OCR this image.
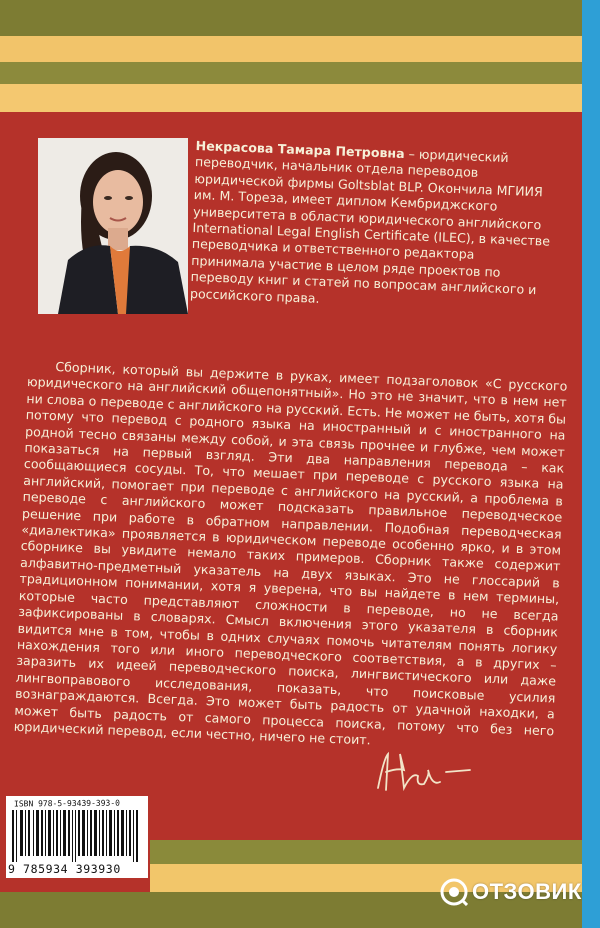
Некрасова Тамара Петровна – юридический переводчик, начальник отдела переводов юридической фирмы Goltsblat BLP. Окончила МГИИЯ им. М. Тореза, имеет диплом Кембриджского университета в области юридического английского International Legal English Certificate (ILEC), в качестве переводчика и ответственного редактора принимала участие в целом ряде проектов по переводу книг и статей по вопросам английского и российского права.
Сборник, который вы держите в руках, имеет подзаголовок «С русского юридического на английский общепонятный». Но это не значит, что в нем нет ни слова о переводе с английского на русский. Есть. Не может не быть, хотя бы потому что перевод с родного языка на иностранный и с иностранного на родной тесно связаны между собой, и эта связь прочнее и глубже, чем может показаться на первый взгляд. Эти два направления перевода – как сообщающиеся сосуды. То, что мешает при переводе с русского языка на английский, помогает при переводе с английского на русский, а проблема в переводе с английского может подсказать правильное переводческое решение при работе в обратном направлении. Подобная переводческая «диалектика» проявляется в юридическом переводе особенно ярко, и в этом сборнике вы увидите немало таких примеров. Сборник также содержит алфавитно-предметный указатель на двух языках. Это не глоссарий в традиционном понимании, хотя я уверена, что вы найдете в нем термины, которые часто представляют сложности в переводе, но не всегда зафиксированы в словарях. Смысл включения этого указателя в сборник видится мне в том, чтобы в одних случаях помочь читателям понять логику нахождения того или иного переводческого соответствия, а в других – заразить их идеей переводческого поиска, лингвистического или даже лингвоправового исследования, показать, что поисковые усилия вознаграждаются. Всегда. Это может быть радость от удачной находки, а может быть радость от самого процесса поиска, потому что без него юридический перевод, если честно, ничего не стоит.
Нек
ISBN 978-5-93439-393-0
9 785934 393930
ОТЗОВИК
